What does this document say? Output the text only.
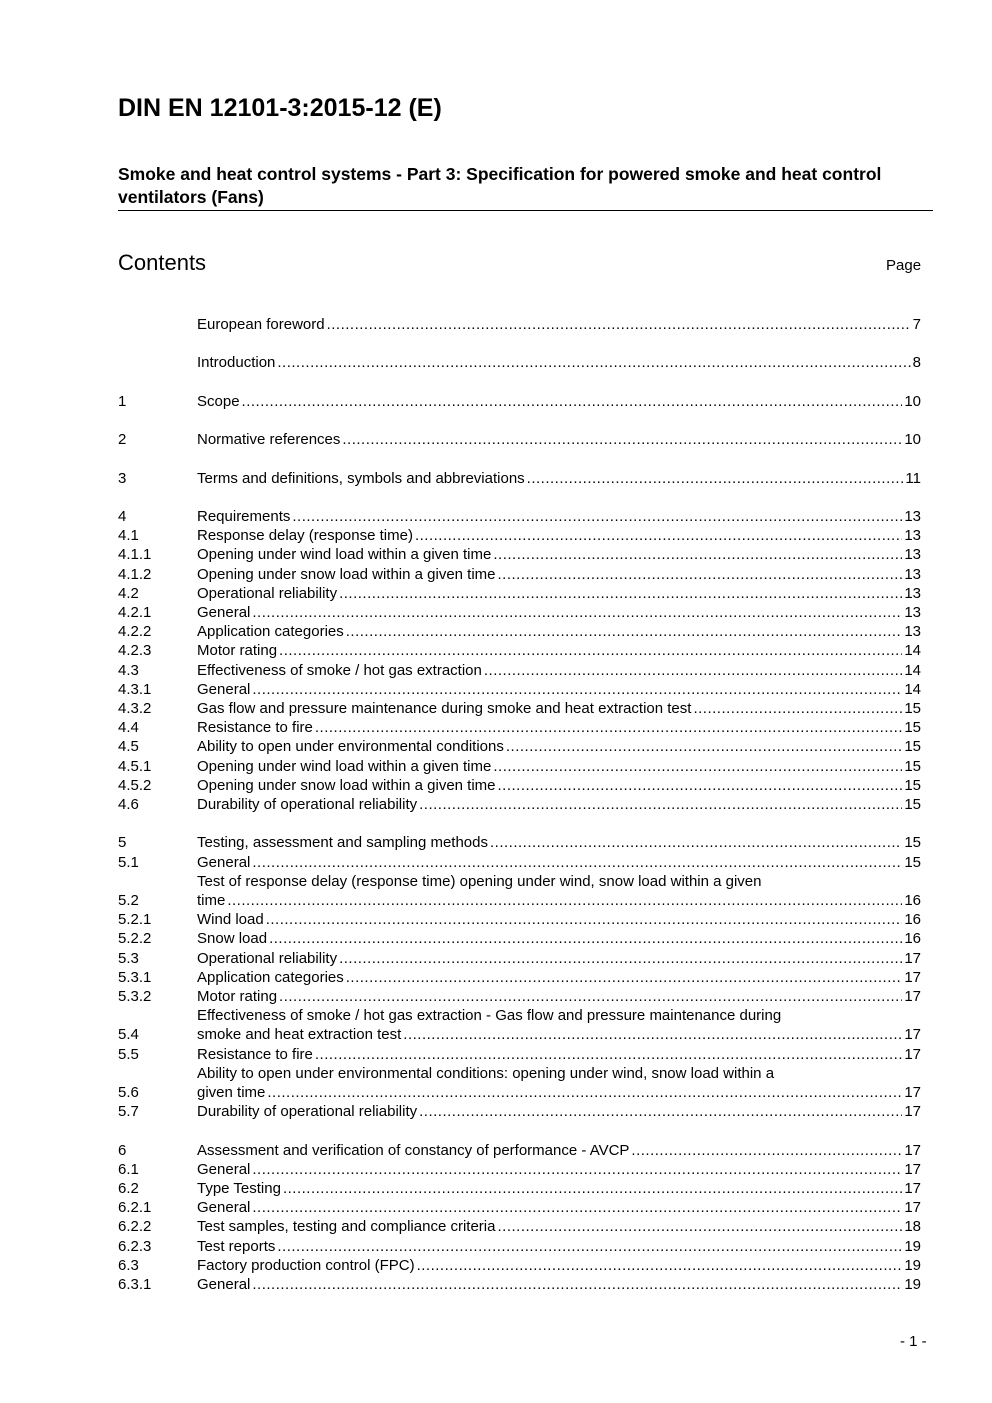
DIN EN 12101-3:2015-12 (E)
Smoke and heat control systems - Part 3: Specification for powered smoke and heat control ventilators (Fans)
Contents	Page
European foreword .....	7
Introduction .....	8
1	Scope .....	10
2	Normative references .....	10
3	Terms and definitions, symbols and abbreviations .....	11
4	Requirements .....	13
4.1	Response delay (response time) .....	13
4.1.1	Opening under wind load within a given time .....	13
4.1.2	Opening under snow load within a given time .....	13
4.2	Operational reliability .....	13
4.2.1	General .....	13
4.2.2	Application categories .....	13
4.2.3	Motor rating .....	14
4.3	Effectiveness of smoke / hot gas extraction .....	14
4.3.1	General .....	14
4.3.2	Gas flow and pressure maintenance during smoke and heat extraction test .....	15
4.4	Resistance to fire .....	15
4.5	Ability to open under environmental conditions .....	15
4.5.1	Opening under wind load within a given time .....	15
4.5.2	Opening under snow load within a given time .....	15
4.6	Durability of operational reliability .....	15
5	Testing, assessment and sampling methods .....	15
5.1	General .....	15
5.2
Test of response delay (response time) opening under wind, snow load within a given
time .....	16
5.2.1	Wind load .....	16
5.2.2	Snow load .....	16
5.3	Operational reliability .....	17
5.3.1	Application categories .....	17
5.3.2	Motor rating .....	17
5.4
Effectiveness of smoke / hot gas extraction - Gas flow and pressure maintenance during
smoke and heat extraction test .....	17
5.5	Resistance to fire .....	17
5.6
Ability to open under environmental conditions: opening under wind, snow load within a
given time .....	17
5.7	Durability of operational reliability .....	17
6	Assessment and verification of constancy of performance - AVCP .....	17
6.1	General .....	17
6.2	Type Testing .....	17
6.2.1	General .....	17
6.2.2	Test samples, testing and compliance criteria .....	18
6.2.3	Test reports .....	19
6.3	Factory production control (FPC) .....	19
6.3.1	General .....	19
- 1 -
